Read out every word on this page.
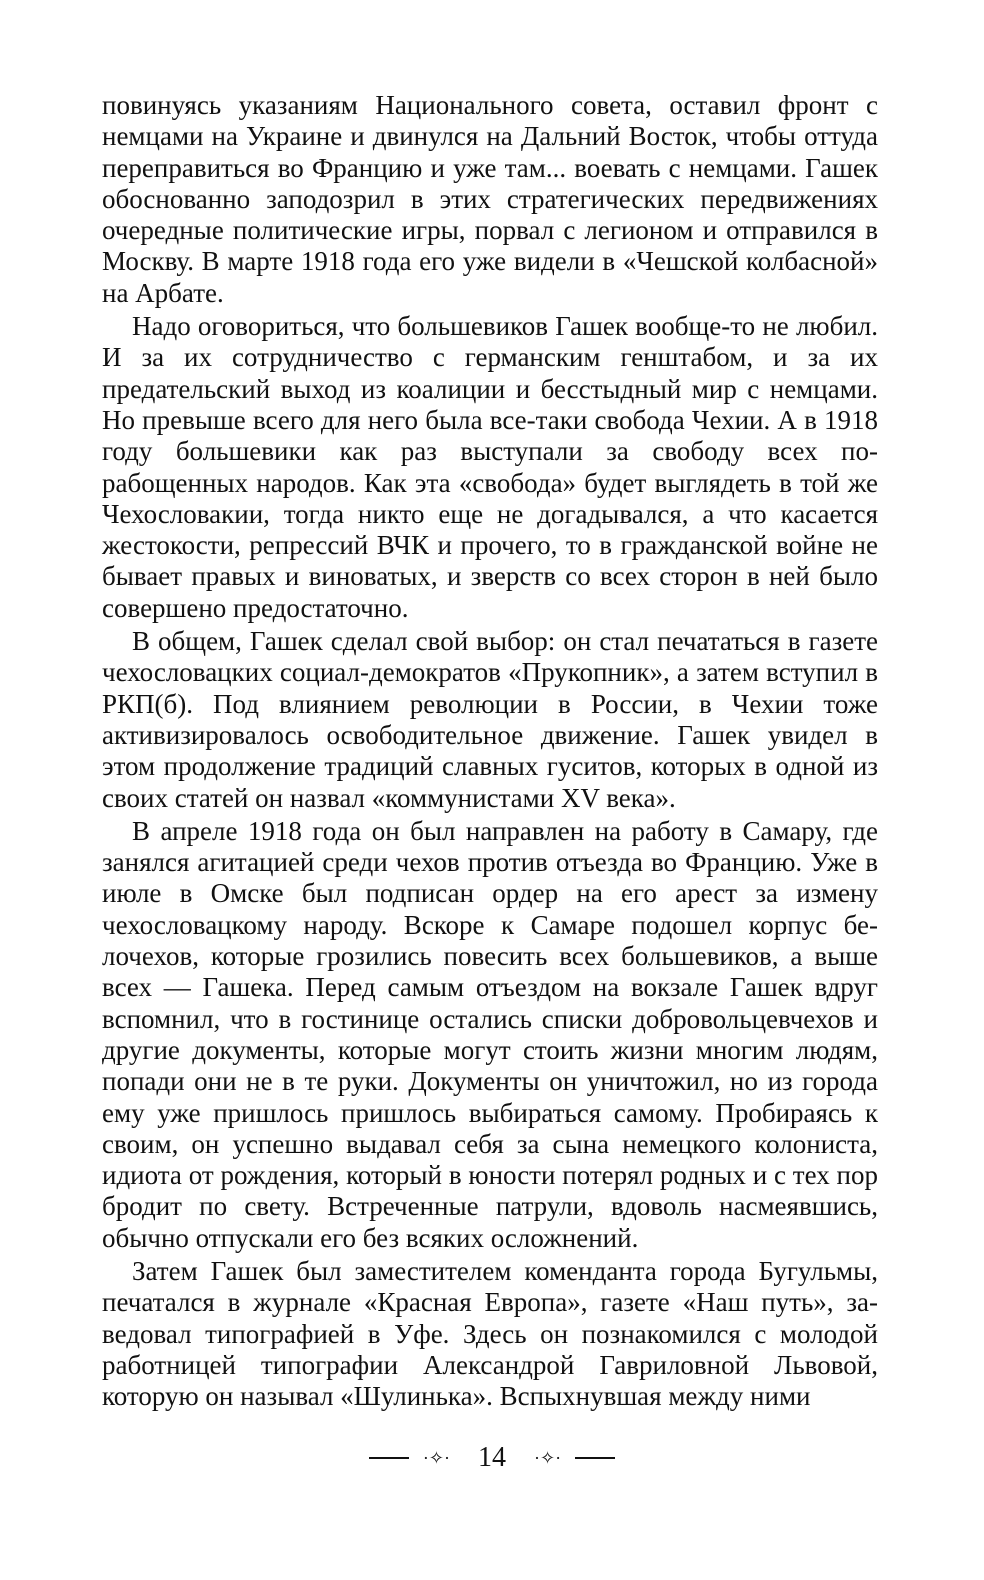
повинуясь указаниям Национального совета, оставил фронт с немцами на Украине и двинулся на Дальний Восток, чтобы оттуда переправиться во Францию и уже там... воевать с немцами. Гашек обоснованно заподозрил в этих стратегических передвижениях очередные политические игры, порвал с легионом и отправился в Москву. В марте 1918 года его уже видели в «Чешской колбасной» на Арбате.

Надо оговориться, что большевиков Гашек вообще-то не любил. И за их сотрудничество с германским генштабом, и за их предательский выход из коалиции и бесстыдный мир с немцами. Но превыше всего для него была все-таки свобода Чехии. А в 1918 году большевики как раз выступали за свободу всех порабощенных народов. Как эта «свобода» будет выглядеть в той же Чехословакии, тогда никто еще не догадывался, а что касается жестокости, репрессий ВЧК и прочего, то в гражданской войне не бывает правых и виноватых, и зверств со всех сторон в ней было совершено предостаточно.

В общем, Гашек сделал свой выбор: он стал печататься в газете чехословацких социал-демократов «Прукопник», а затем вступил в РКП(б). Под влиянием революции в России, в Чехии тоже активизировалось освободительное движение. Гашек увидел в этом продолжение традиций славных гуситов, которых в одной из своих статей он назвал «коммунистами XV века».

В апреле 1918 года он был направлен на работу в Самару, где занялся агитацией среди чехов против отъезда во Францию. Уже в июле в Омске был подписан ордер на его арест за измену чехословацкому народу. Вскоре к Самаре подошел корпус белочехов, которые грозились повесить всех большевиков, а выше всех — Гашека. Перед самым отъездом на вокзале Гашек вдруг вспомнил, что в гостинице остались списки добровольцевчехов и другие документы, которые могут стоить жизни многим людям, попади они не в те руки. Документы он уничтожил, но из города ему уже пришлось пришлось выбираться самому. Пробираясь к своим, он успешно выдавал себя за сына немецкого колониста, идиота от рождения, который в юности потерял родных и с тех пор бродит по свету. Встреченные патрули, вдоволь насмеявшись, обычно отпускали его без всяких осложнений.

Затем Гашек был заместителем коменданта города Бугульмы, печатался в журнале «Красная Европа», газете «Наш путь», заведовал типографией в Уфе. Здесь он познакомился с молодой работницей типографии Александрой Гавриловной Львовой, которую он называл «Шулинька». Вспыхнувшая между ними

·✧· 14 ·✧·
